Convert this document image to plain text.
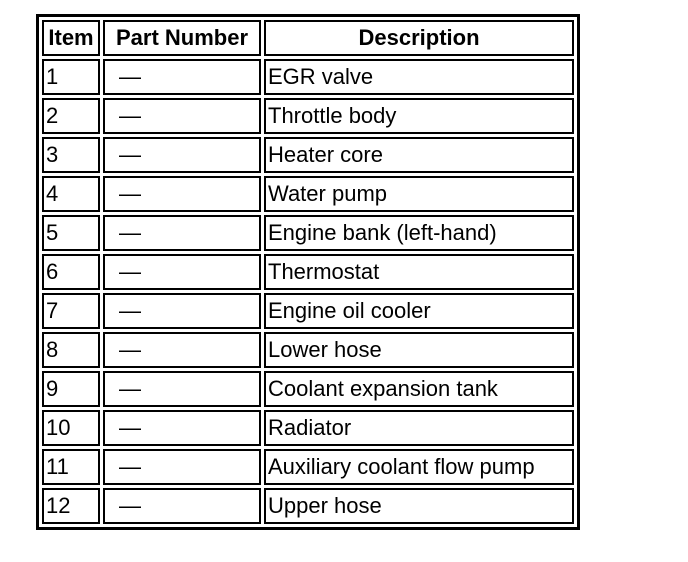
Item	Part Number	Description
1	—	EGR valve
2	—	Throttle body
3	—	Heater core
4	—	Water pump
5	—	Engine bank (left-hand)
6	—	Thermostat
7	—	Engine oil cooler
8	—	Lower hose
9	—	Coolant expansion tank
10	—	Radiator
11	—	Auxiliary coolant flow pump
12	—	Upper hose
